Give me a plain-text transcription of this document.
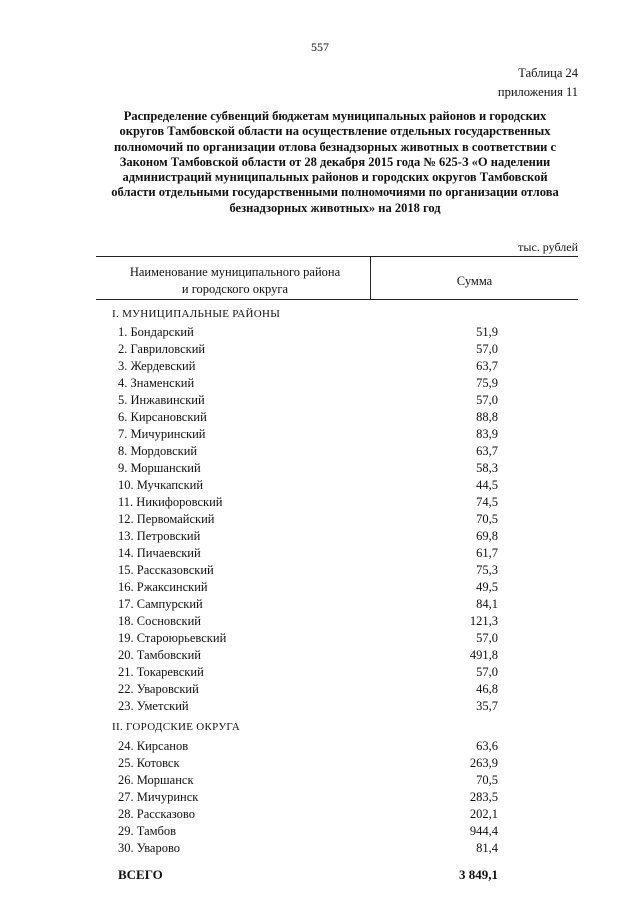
557
Таблица 24
приложения 11
Распределение субвенций бюджетам муниципальных районов и городских округов Тамбовской области на осуществление отдельных государственных полномочий по организации отлова безнадзорных животных в соответствии с Законом Тамбовской области от 28 декабря 2015 года № 625-З «О наделении администраций муниципальных районов и городских округов Тамбовской области отдельными государственными полномочиями по организации отлова безнадзорных животных» на 2018 год
тыс. рублей
Наименование муниципального района
и городского округа
Сумма
I. МУНИЦИПАЛЬНЫЕ РАЙОНЫ
1. Бондарский	51,9
2. Гавриловский	57,0
3. Жердевский	63,7
4. Знаменский	75,9
5. Инжавинский	57,0
6. Кирсановский	88,8
7. Мичуринский	83,9
8. Мордовский	63,7
9. Моршанский	58,3
10. Мучкапский	44,5
11. Никифоровский	74,5
12. Первомайский	70,5
13. Петровский	69,8
14. Пичаевский	61,7
15. Рассказовский	75,3
16. Ржаксинский	49,5
17. Сампурский	84,1
18. Сосновский	121,3
19. Староюрьевский	57,0
20. Тамбовский	491,8
21. Токаревский	57,0
22. Уваровский	46,8
23. Уметский	35,7
II. ГОРОДСКИЕ ОКРУГА
24. Кирсанов	63,6
25. Котовск	263,9
26. Моршанск	70,5
27. Мичуринск	283,5
28. Рассказово	202,1
29. Тамбов	944,4
30. Уварово	81,4
ВСЕГО	3 849,1
